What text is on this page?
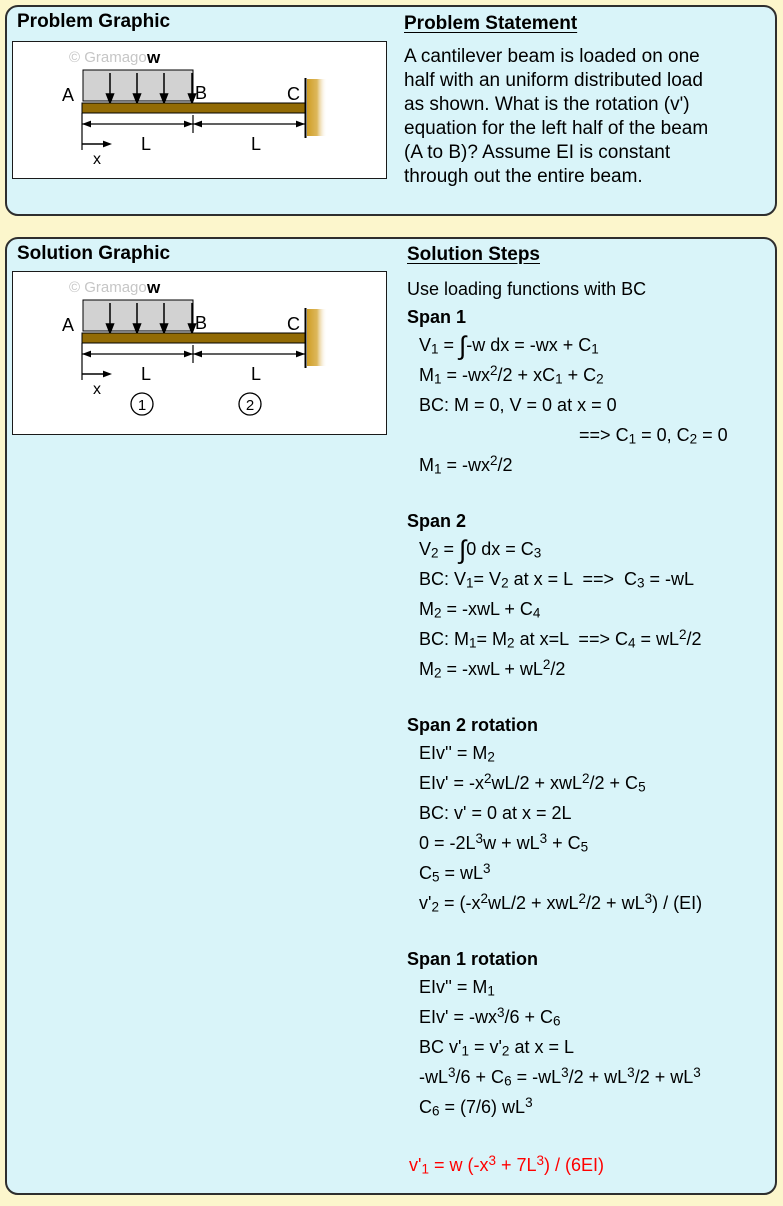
Problem Graphic
© Gramago w
A	B	C
L	L
x
Problem Statement
A cantilever beam is loaded on one
half with an uniform distributed load
as shown. What is the rotation (v')
equation for the left half of the beam
(A to B)? Assume EI is constant
through out the entire beam.
Solution Graphic
© Gramago w
A	B	C
L	L
x
1	2
Solution Steps
Use loading functions with BC
Span 1
$V_1 = \int-w$ dx = $-wx + C_1$
$M_1 = -wx^2/2 + xC_1 + C_2$
BC: M = 0, V = 0 at x = 0
==> $C_1 = 0$, $C_2 = 0$
$M_1 = -wx^2/2$
Span 2
$V_2 = \int 0$ dx = $C_3$
BC: $V_1= V_2$ at x = L  ==>  $C_3 = -wL$
$M_2 = -xwL + C_4$
BC: $M_1= M_2$ at x=L  ==> $C_4 = wL^2/2$
$M_2 = -xwL + wL^2/2$
Span 2 rotation
$EIv'' = M_2$
$EIv' = -x^2wL/2 + xwL^2/2 + C_5$
BC: v' = 0 at x = 2L
$0 = -2L^3w + wL^3 + C_5$
$C_5 = wL^3$
$v'_2 = (-x^2wL/2 + xwL^2/2 + wL^3) / (EI)$
Span 1 rotation
$EIv'' = M_1$
$EIv' = -wx^3/6 + C_6$
BC $v'_1 = v'_2$ at x = L
$-wL^3/6 + C_6 = -wL^3/2 + wL^3/2 + wL^3$
$C_6 = (7/6)$ $wL^3$
$v'_1 = w$ $(-x^3 + 7L^3) / (6EI)$
